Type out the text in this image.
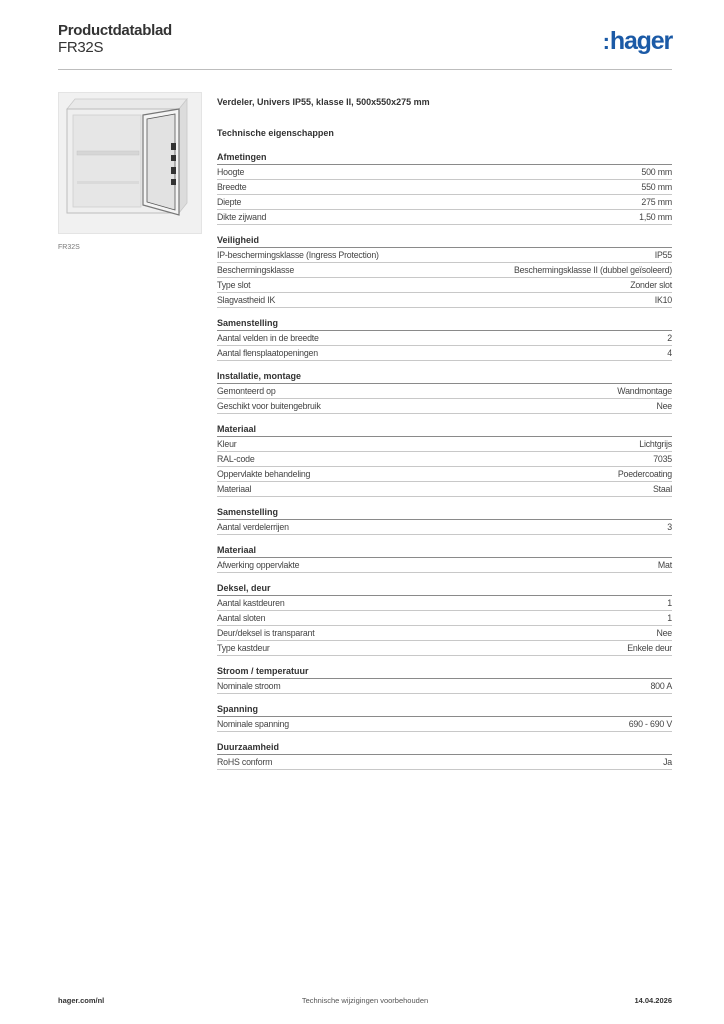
Productdatablad
FR32S	:hager
FR32S
Verdeler, Univers IP55, klasse II, 500x550x275 mm
Technische eigenschappen
Afmetingen
Hoogte	500 mm
Breedte	550 mm
Diepte	275 mm
Dikte zijwand	1,50 mm
Veiligheid
IP-beschermingsklasse (Ingress Protection)	IP55
Beschermingsklasse	Beschermingsklasse II (dubbel geïsoleerd)
Type slot	Zonder slot
Slagvastheid IK	IK10
Samenstelling
Aantal velden in de breedte	2
Aantal flensplaatopeningen	4
Installatie, montage
Gemonteerd op	Wandmontage
Geschikt voor buitengebruik	Nee
Materiaal
Kleur	Lichtgrijs
RAL-code	7035
Oppervlakte behandeling	Poedercoating
Materiaal	Staal
Samenstelling
Aantal verdelerrijen	3
Materiaal
Afwerking oppervlakte	Mat
Deksel, deur
Aantal kastdeuren	1
Aantal sloten	1
Deur/deksel is transparant	Nee
Type kastdeur	Enkele deur
Stroom / temperatuur
Nominale stroom	800 A
Spanning
Nominale spanning	690 - 690 V
Duurzaamheid
RoHS conform	Ja
hager.com/nl	Technische wijzigingen voorbehouden	14.04.2026
